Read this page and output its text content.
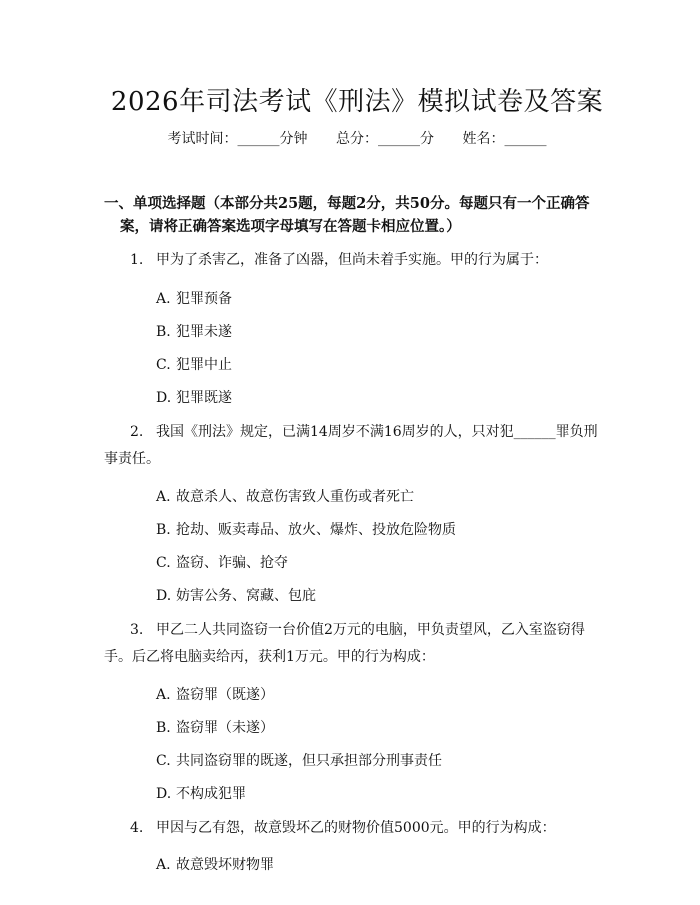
2026年司法考试《刑法》模拟试卷及答案
考试时间：______分钟 总分：______分 姓名：______
一、单项选择题（本部分共25题，每题2分，共50分。每题只有一个正确答
案，请将正确答案选项字母填写在答题卡相应位置。）

1. 甲为了杀害乙，准备了凶器，但尚未着手实施。甲的行为属于：

A. 犯罪预备

B. 犯罪未遂

C. 犯罪中止

D. 犯罪既遂

2. 我国《刑法》规定，已满14周岁不满16周岁的人，只对犯______罪负刑事责任。

A. 故意杀人、故意伤害致人重伤或者死亡

B. 抢劫、贩卖毒品、放火、爆炸、投放危险物质

C. 盗窃、诈骗、抢夺

D. 妨害公务、窝藏、包庇

3. 甲乙二人共同盗窃一台价值2万元的电脑，甲负责望风，乙入室盗窃得手。后乙将电脑卖给丙，获利1万元。甲的行为构成：

A. 盗窃罪（既遂）

B. 盗窃罪（未遂）

C. 共同盗窃罪的既遂，但只承担部分刑事责任

D. 不构成犯罪

4. 甲因与乙有怨，故意毁坏乙的财物价值5000元。甲的行为构成：

A. 故意毁坏财物罪
